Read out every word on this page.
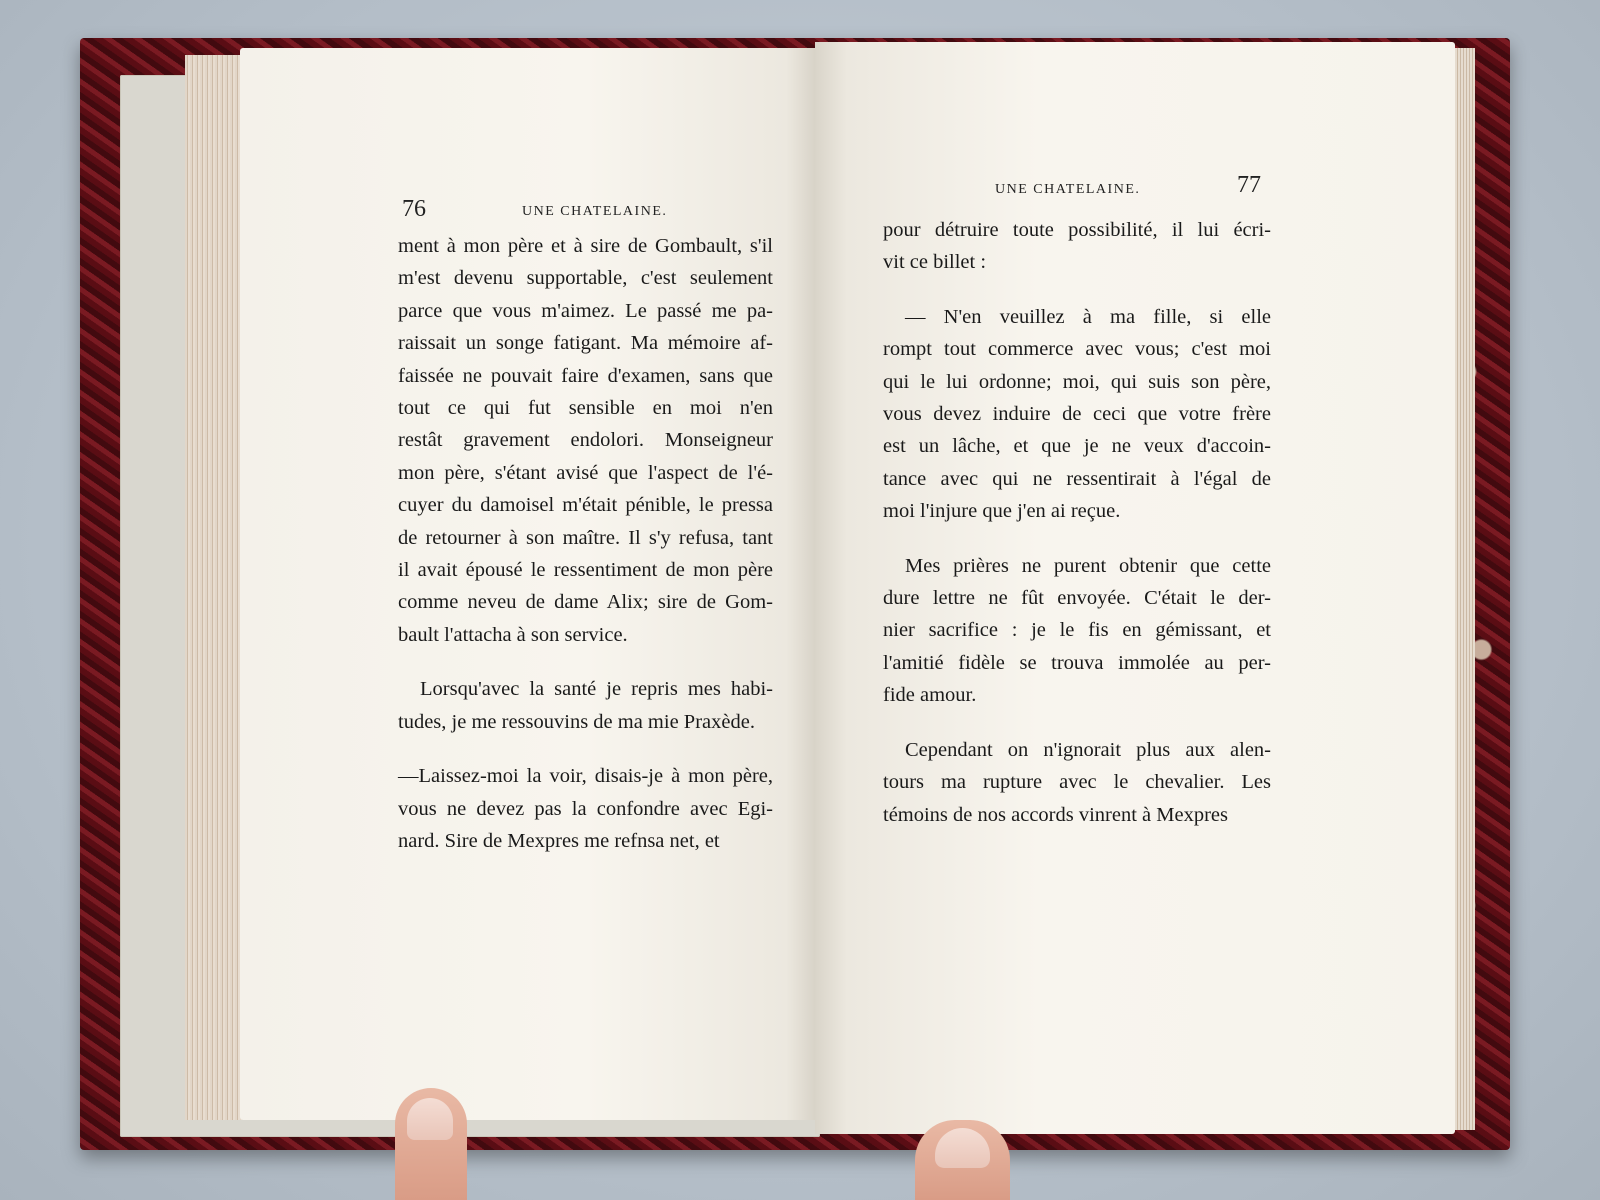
76	UNE CHATELAINE.

ment à mon père et à sire de Gombault, s'il
m'est devenu supportable, c'est seulement
parce que vous m'aimez. Le passé me pa-
raissait un songe fatigant. Ma mémoire af-
faissée ne pouvait faire d'examen, sans que
tout ce qui fut sensible en moi n'en
restât gravement endolori. Monseigneur
mon père, s'étant avisé que l'aspect de l'é-
cuyer du damoisel m'était pénible, le pressa
de retourner à son maître. Il s'y refusa, tant
il avait épousé le ressentiment de mon père
comme neveu de dame Alix; sire de Gom-
bault l'attacha à son service.

Lorsqu'avec la santé je repris mes habi-
tudes, je me ressouvins de ma mie Praxède.

—Laissez-moi la voir, disais-je à mon père,
vous ne devez pas la confondre avec Egi-
nard. Sire de Mexpres me refnsa net, et

UNE CHATELAINE.	77

pour détruire toute possibilité, il lui écri-
vit ce billet :

— N'en veuillez à ma fille, si elle
rompt tout commerce avec vous; c'est moi
qui le lui ordonne; moi, qui suis son père,
vous devez induire de ceci que votre frère
est un lâche, et que je ne veux d'accoin-
tance avec qui ne ressentirait à l'égal de
moi l'injure que j'en ai reçue.

Mes prières ne purent obtenir que cette
dure lettre ne fût envoyée. C'était le der-
nier sacrifice : je le fis en gémissant, et
l'amitié fidèle se trouva immolée au per-
fide amour.

Cependant on n'ignorait plus aux alen-
tours ma rupture avec le chevalier. Les
témoins de nos accords vinrent à Mexpres
